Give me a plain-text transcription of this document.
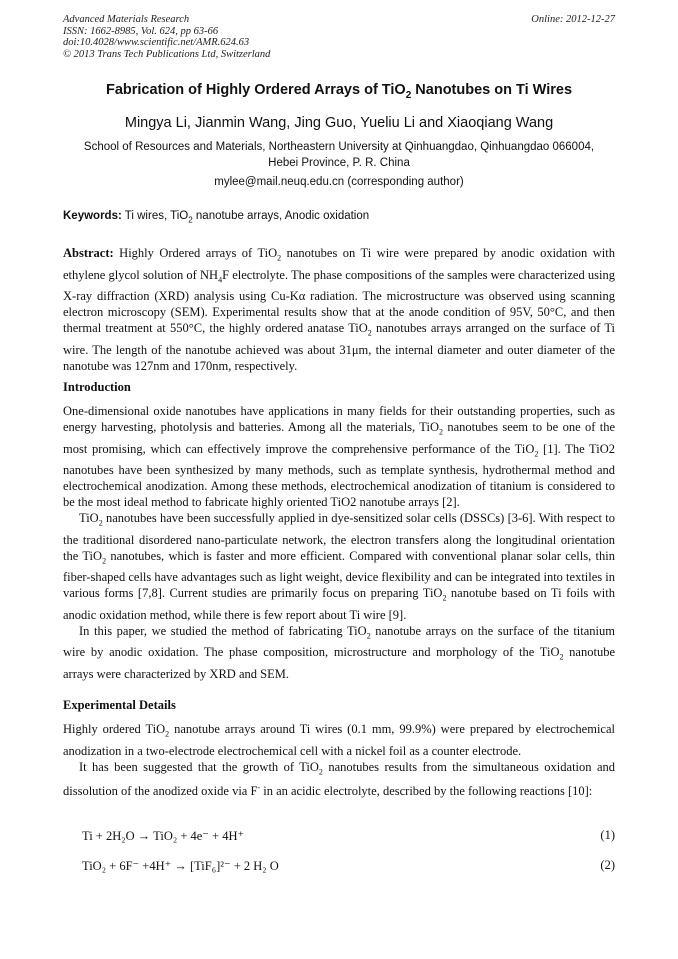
Advanced Materials Research
ISSN: 1662-8985, Vol. 624, pp 63-66
doi:10.4028/www.scientific.net/AMR.624.63
© 2013 Trans Tech Publications Ltd, Switzerland
Online: 2012-12-27
Fabrication of Highly Ordered Arrays of TiO$_2$ Nanotubes on Ti Wires
Mingya Li, Jianmin Wang, Jing Guo, Yueliu Li and Xiaoqiang Wang
School of Resources and Materials, Northeastern University at Qinhuangdao, Qinhuangdao 066004, Hebei Province, P. R. China
mylee@mail.neuq.edu.cn (corresponding author)
Keywords: Ti wires, TiO$_2$ nanotube arrays, Anodic oxidation
Abstract: Highly Ordered arrays of TiO$_2$ nanotubes on Ti wire were prepared by anodic oxidation with ethylene glycol solution of $NH_4F$ electrolyte. The phase compositions of the samples were characterized using X-ray diffraction (XRD) analysis using Cu-Kα radiation. The microstructure was observed using scanning electron microscopy (SEM). Experimental results show that at the anode condition of 95V, 50°C, and then thermal treatment at 550°C, the highly ordered anatase TiO$_2$ nanotubes arrays arranged on the surface of Ti wire. The length of the nanotube achieved was about 31μm, the internal diameter and outer diameter of the nanotube was 127nm and 170nm, respectively.
Introduction
One-dimensional oxide nanotubes have applications in many fields for their outstanding properties, such as energy harvesting, photolysis and batteries. Among all the materials, TiO$_2$ nanotubes seem to be one of the most promising, which can effectively improve the comprehensive performance of the TiO$_2$ [1]. The TiO2 nanotubes have been synthesized by many methods, such as template synthesis, hydrothermal method and electrochemical anodization. Among these methods, electrochemical anodization of titanium is considered to be the most ideal method to fabricate highly oriented TiO2 nanotube arrays [2].
TiO$_2$ nanotubes have been successfully applied in dye-sensitized solar cells (DSSCs) [3-6]. With respect to the traditional disordered nano-particulate network, the electron transfers along the longitudinal orientation the TiO$_2$ nanotubes, which is faster and more efficient. Compared with conventional planar solar cells, thin fiber-shaped cells have advantages such as light weight, device flexibility and can be integrated into textiles in various forms [7,8]. Current studies are primarily focus on preparing TiO$_2$ nanotube based on Ti foils with anodic oxidation method, while there is few report about Ti wire [9].
In this paper, we studied the method of fabricating TiO$_2$ nanotube arrays on the surface of the titanium wire by anodic oxidation. The phase composition, microstructure and morphology of the TiO$_2$ nanotube arrays were characterized by XRD and SEM.
Experimental Details
Highly ordered TiO$_2$ nanotube arrays around Ti wires (0.1 mm, 99.9%) were prepared by electrochemical anodization in a two-electrode electrochemical cell with a nickel foil as a counter electrode.
It has been suggested that the growth of TiO$_2$ nanotubes results from the simultaneous oxidation and dissolution of the anodized oxide via F- in an acidic electrolyte, described by the following reactions [10]:
Ti + 2H₂O → TiO₂ + 4e⁻ + 4H⁺	(1)
TiO₂ + 6F⁻ +4H⁺ → [TiF₆]²⁻ + 2 H₂ O	(2)
